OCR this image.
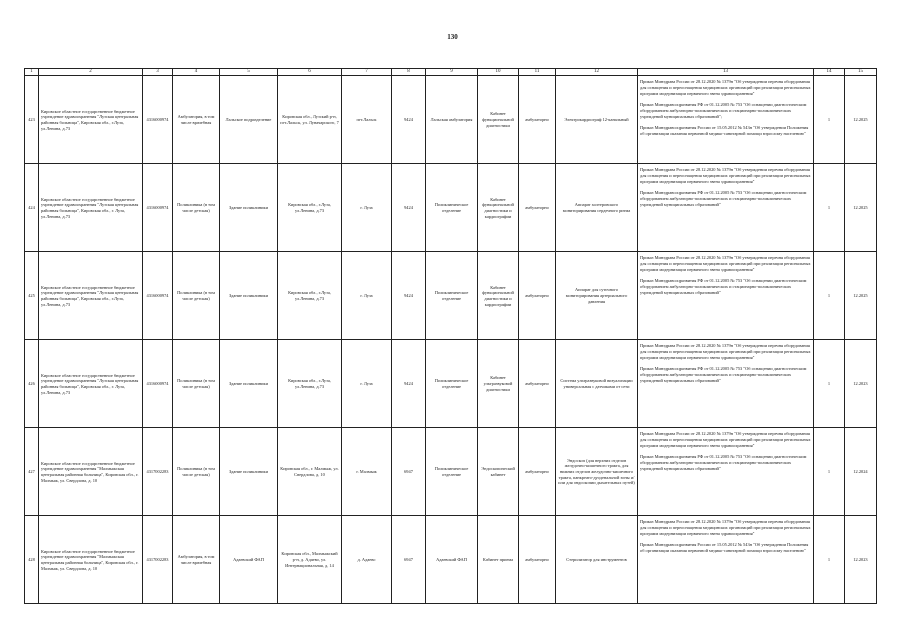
130
1	2	3	4	5	6	7	8	9	10	11	12	13	14	15
423	Кировское областное государственное бюджетное учреждение здравоохранения "Лузская центральная районная больница", Кировская обл., г.Луза, ул.Ленина, д.73	4316000974	Амбулатория, в том числе врачебная	Лальское подразделение	Кировская обл., Лузский р-н, пгт.Лальск, ул. Луначарского, 7	пгт.Лальск	9424	Лальская амбулатория	Кабинет функциональной диагностики	амбулаторно	Электрокардиограф 12-канальный	Приказ Минздрава России от 28.12.2020 № 1379н "Об утверждении перечня оборудования для оснащения и переоснащения медицинских организаций при реализации региональных программ модернизации первичного звена здравоохранения"
Приказ Минздравсоцразвития РФ от 01.12.2005 № 753 "Об оснащении диагностическим оборудованием амбулаторно-поликлинических и стационарно-поликлинических учреждений муниципальных образований";
Приказ Минздравсоцразвития России от 15.05.2012 № 543н "Об утверждении Положения об организации оказания первичной медико-санитарной помощи взрослому населению"	1	12.2025
424	Кировское областное государственное бюджетное учреждение здравоохранения "Лузская центральная районная больница", Кировская обл., г. Луза, ул.Ленина, д.73	4316000974	Поликлиника (в том числе детская)	Здание поликлиники	Кировская обл., г.Луза, ул.Ленина, д.73	г. Луза	9424	Поликлиническое отделение	Кабинет функциональной диагностики и кардиографии	амбулаторно	Аппарат холтеровского мониторирования сердечного ритма	Приказ Минздрава России от 28.12.2020 № 1379н "Об утверждении перечня оборудования для оснащения и переоснащения медицинских организаций при реализации региональных программ модернизации первичного звена здравоохранения"
Приказ Минздравсоцразвития РФ от 01.12.2005 № 753 "Об оснащении диагностическим оборудованием амбулаторно-поликлинических и стационарно-поликлинических учреждений муниципальных образований"	1	12.2025
425	Кировское областное государственное бюджетное учреждение здравоохранения "Лузская центральная районная больница", Кировская обл., г.Луза, ул.Ленина, д.73	4316000974	Поликлиника (в том числе детская)	Здание поликлиники	Кировская обл., г.Луза, ул.Ленина, д.73	г. Луза	9424	Поликлиническое отделение	Кабинет функциональной диагностики и кардиографии	амбулаторно	Аппарат для суточного мониторирования артериального давления	Приказ Минздрава России от 28.12.2020 № 1379н "Об утверждении перечня оборудования для оснащения и переоснащения медицинских организаций при реализации региональных программ модернизации первичного звена здравоохранения"
Приказ Минздравсоцразвития РФ от 01.12.2005 № 753 "Об оснащении диагностическим оборудованием амбулаторно-поликлинических и стационарно-поликлинических учреждений муниципальных образований"	1	12.2025
426	Кировское областное государственное бюджетное учреждение здравоохранения "Лузская центральная районная больница", Кировская обл., г. Луза, ул.Ленина, д.73	4316000974	Поликлиника (в том числе детская)	Здание поликлиники	Кировская обл., г.Луза, ул.Ленина, д.73	г. Луза	9424	Поликлиническое отделение	Кабинет ультразвуковой диагностики	амбулаторно	Система ультразвуковой визуализации универсальная с датчиками от сети	Приказ Минздрава России от 28.12.2020 № 1379н "Об утверждении перечня оборудования для оснащения и переоснащения медицинских организаций при реализации региональных программ модернизации первичного звена здравоохранения"
Приказ Минздравсоцразвития РФ от 01.12.2005 № 753 "Об оснащении диагностическим оборудованием амбулаторно-поликлинических и стационарно-поликлинических учреждений муниципальных образований"	1	12.2023
427	Кировское областное государственное бюджетное учреждение здравоохранения "Малмыжская центральная районная больница", Кировская обл., г. Малмыж, ул. Свердлова, д. 10	4317002283	Поликлиника (в том числе детская)	Здание поликлиники	Кировская обл., г. Малмыж, ул. Свердлова, д. 10	г. Малмыж	6947	Поликлиническое отделение	Эндоскопический кабинет	амбулаторно	Эндоскоп (для верхних отделов желудочно-кишечного тракта, для нижних отделов желудочно-кишечного тракта, панкреато-дуоденальной зоны и/или для эндоскопии дыхательных путей)	Приказ Минздрава России от 28.12.2020 № 1379н "Об утверждении перечня оборудования для оснащения и переоснащения медицинских организаций при реализации региональных программ модернизации первичного звена здравоохранения"
Приказ Минздравсоцразвития РФ от 01.12.2005 № 753 "Об оснащении диагностическим оборудованием амбулаторно-поликлинических и стационарно-поликлинических учреждений муниципальных образований"	1	12.2024
428	Кировское областное государственное бюджетное учреждение здравоохранения "Малмыжская центральная районная больница", Кировская обл., г. Малмыж, ул. Свердлова, д. 10	4317002283	Амбулатория, в том числе врачебная	Адаевский ФАП	Кировская обл., Малмыжский р-н, д. Адаево, ул. Интернациональная, д. 14	д. Адаево	6947	Адаевский ФАП	Кабинет приема	амбулаторно	Стерилизатор для инструментов	Приказ Минздрава России от 28.12.2020 № 1379н "Об утверждении перечня оборудования для оснащения и переоснащения медицинских организаций при реализации региональных программ модернизации первичного звена здравоохранения"
Приказ Минздравсоцразвития России от 15.05.2012 № 543н "Об утверждении Положения об организации оказания первичной медико-санитарной помощи взрослому населению"	1	12.2023
